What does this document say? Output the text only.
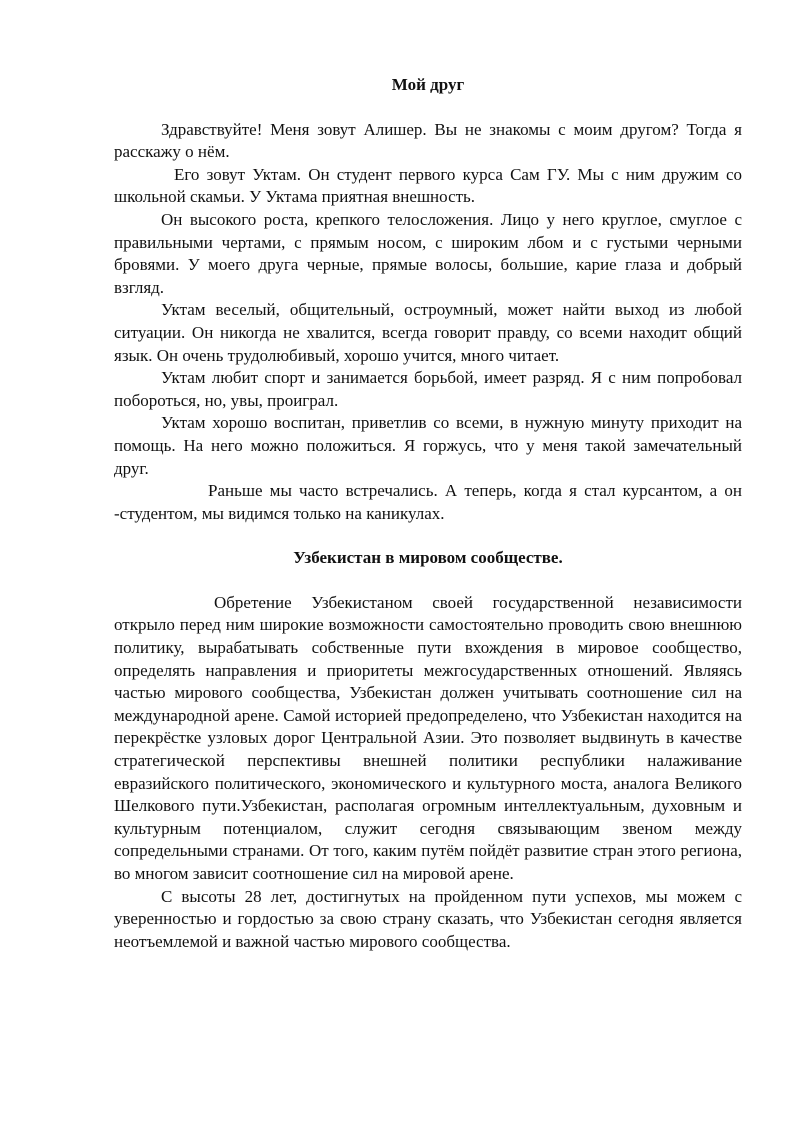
Мой друг

Здравствуйте! Меня зовут Алишер. Вы не знакомы с моим другом? Тогда я расскажу о нём.

Его зовут Уктам. Он студент первого курса Сам ГУ. Мы с ним дружим со школьной скамьи. У Уктама приятная внешность.

Он высокого роста, крепкого телосложения. Лицо у него круглое, смуглое с правильными чертами, с прямым носом, с широким лбом и с густыми черными бровями. У моего друга черные, прямые волосы, большие, карие глаза и добрый взгляд.

Уктам веселый, общительный, остроумный, может найти выход из любой ситуации. Он никогда не хвалится, всегда говорит правду, со всеми находит общий язык. Он очень трудолюбивый, хорошо учится, много читает.

Уктам любит спорт и занимается борьбой, имеет разряд. Я с ним попробовал побороться, но, увы, проиграл.

Уктам хорошо воспитан, приветлив со всеми, в нужную минуту приходит на помощь. На него можно положиться. Я горжусь, что у меня такой замечательный друг.

Раньше мы часто встречались. А теперь, когда я стал курсантом, а он -студентом, мы видимся только на каникулах.

Узбекистан в мировом сообществе.

Обретение Узбекистаном своей государственной независимости открыло перед ним широкие возможности самостоятельно проводить свою внешнюю политику, вырабатывать собственные пути вхождения в мировое сообщество, определять направления и приоритеты межгосударственных отношений. Являясь частью мирового сообщества, Узбекистан должен учитывать соотношение сил на международной арене. Самой историей предопределено, что Узбекистан находится на перекрёстке узловых дорог Центральной Азии. Это позволяет выдвинуть в качестве стратегической перспективы внешней политики республики налаживание евразийского политического, экономического и культурного моста, аналога Великого Шелкового пути.Узбекистан, располагая огромным интеллектуальным, духовным и культурным потенциалом, служит сегодня связывающим звеном между сопредельными странами. От того, каким путём пойдёт развитие стран этого региона, во многом зависит соотношение сил на мировой арене.

С высоты 28 лет, достигнутых на пройденном пути успехов, мы можем с уверенностью и гордостью за свою страну сказать, что Узбекистан сегодня является неотъемлемой и важной частью мирового сообщества.
